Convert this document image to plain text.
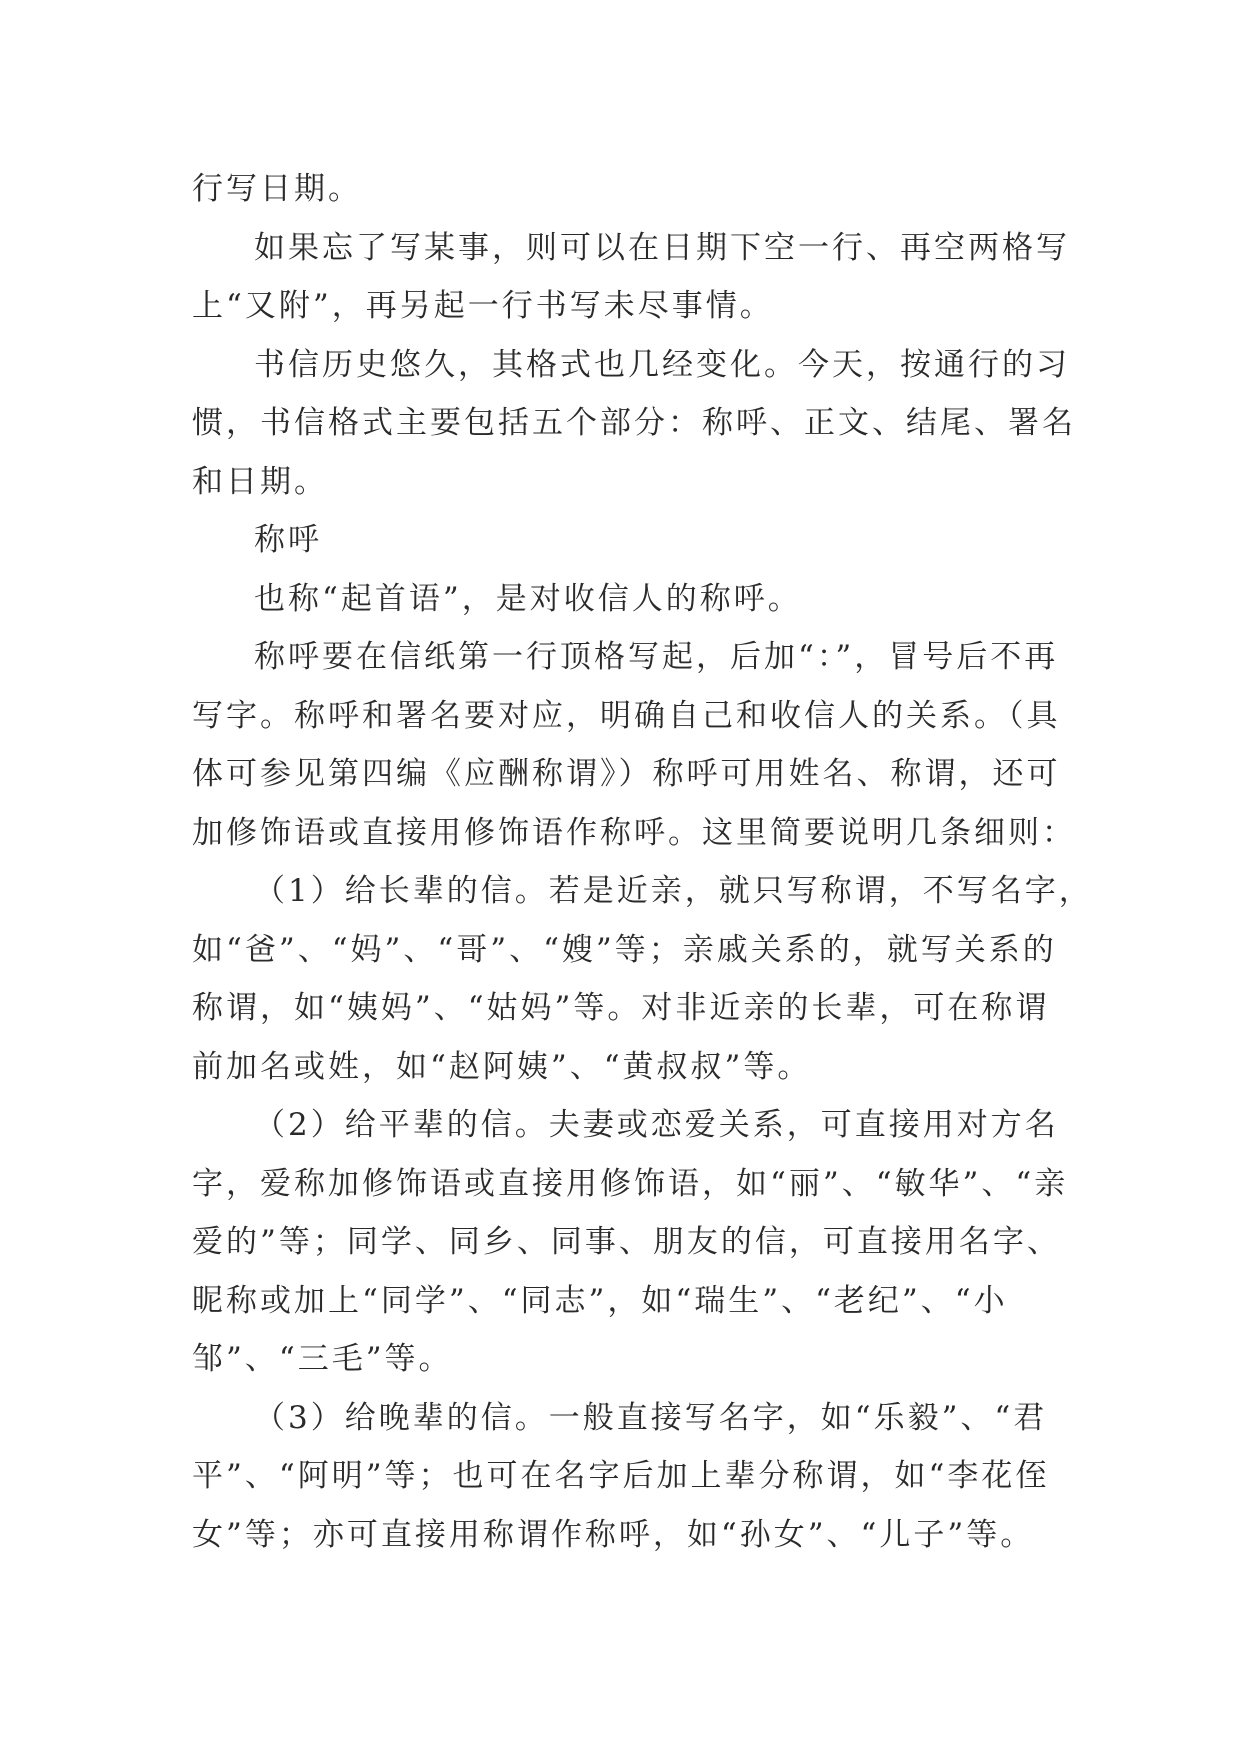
行写日期。
如果忘了写某事，则可以在日期下空一行、再空两格写
上“又附”，再另起一行书写未尽事情。
书信历史悠久，其格式也几经变化。今天，按通行的习
惯，书信格式主要包括五个部分：称呼、正文、结尾、署名
和日期。
称呼
也称“起首语”，是对收信人的称呼。
称呼要在信纸第一行顶格写起，后加“：”，冒号后不再
写字。称呼和署名要对应，明确自己和收信人的关系。（具
体可参见第四编《应酬称谓》）称呼可用姓名、称谓，还可
加修饰语或直接用修饰语作称呼。这里简要说明几条细则：
（1）给长辈的信。若是近亲，就只写称谓，不写名字，
如“爸”、“妈”、“哥”、“嫂”等；亲戚关系的，就写关系的
称谓，如“姨妈”、“姑妈”等。对非近亲的长辈，可在称谓
前加名或姓，如“赵阿姨”、“黄叔叔”等。
（2）给平辈的信。夫妻或恋爱关系，可直接用对方名
字，爱称加修饰语或直接用修饰语，如“丽”、“敏华”、“亲
爱的”等；同学、同乡、同事、朋友的信，可直接用名字、
昵称或加上“同学”、“同志”，如“瑞生”、“老纪”、“小
邹”、“三毛”等。
（3）给晚辈的信。一般直接写名字，如“乐毅”、“君
平”、“阿明”等；也可在名字后加上辈分称谓，如“李花侄
女”等；亦可直接用称谓作称呼，如“孙女”、“儿子”等。
